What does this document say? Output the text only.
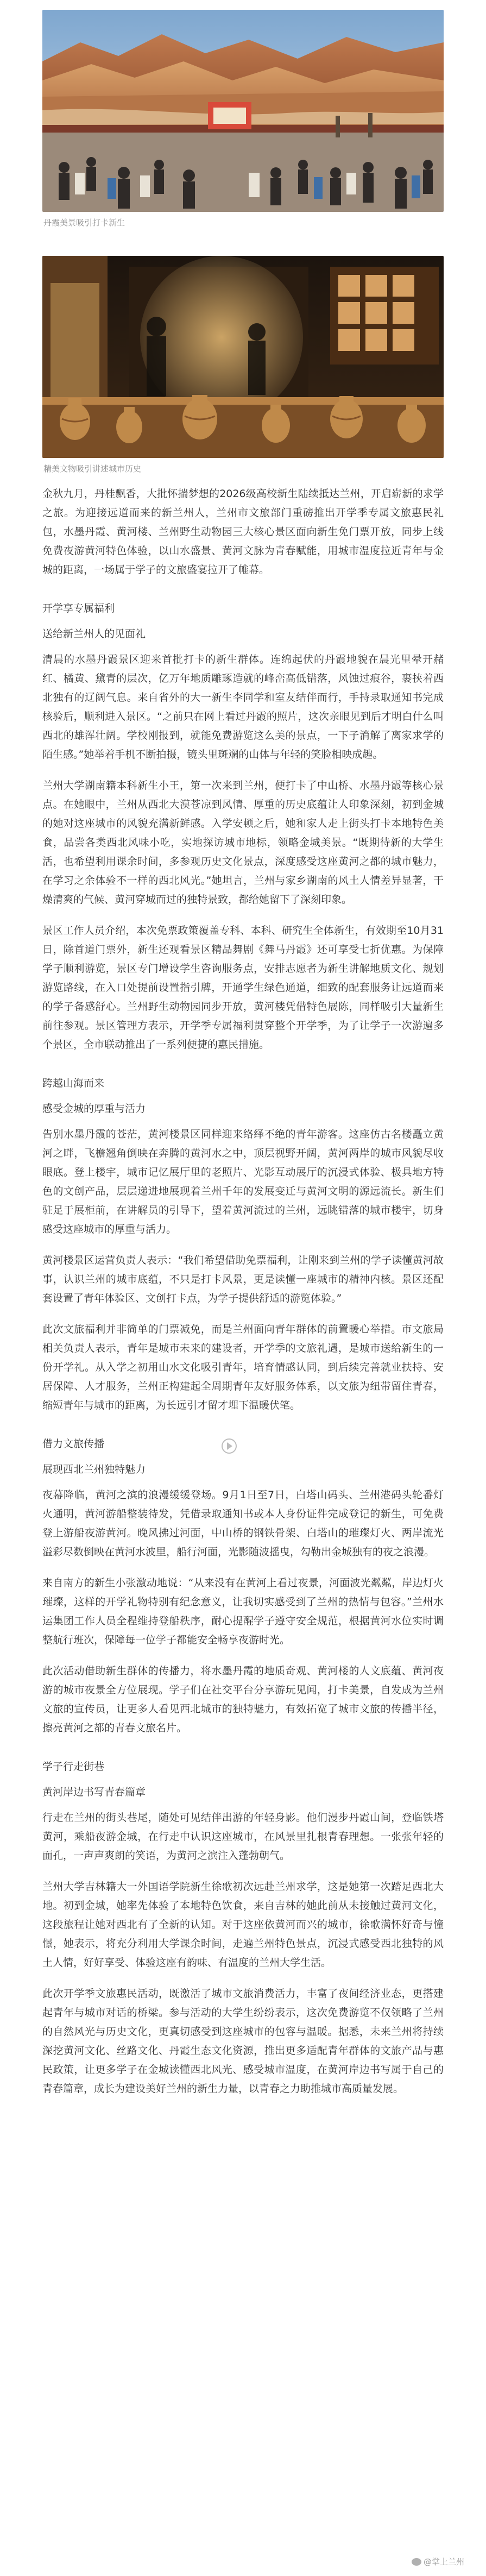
丹霞美景吸引打卡新生
精美文物吸引讲述城市历史
金秋九月，丹桂飘香，大批怀揣梦想的2026级高校新生陆续抵达兰州，开启崭新的求学之旅。为迎接远道而来的新兰州人，兰州市文旅部门重磅推出开学季专属文旅惠民礼包，水墨丹霞、黄河楼、兰州野生动物园三大核心景区面向新生免门票开放，同步上线免费夜游黄河特色体验，以山水盛景、黄河文脉为青春赋能，用城市温度拉近青年与金城的距离，一场属于学子的文旅盛宴拉开了帷幕。
开学享专属福利
送给新兰州人的见面礼
清晨的水墨丹霞景区迎来首批打卡的新生群体。连绵起伏的丹霞地貌在晨光里晕开赭红、橘黄、黛青的层次，亿万年地质雕琢造就的峰峦高低错落，风蚀过痕谷，裹挟着西北独有的辽阔气息。来自省外的大一新生李同学和室友结伴而行，手持录取通知书完成核验后，顺利进入景区。“之前只在网上看过丹霞的照片，这次亲眼见到后才明白什么叫西北的雄浑壮阔。学校刚报到，就能免费游览这么美的景点，一下子消解了离家求学的陌生感。”她举着手机不断拍摄，镜头里斑斓的山体与年轻的笑脸相映成趣。
兰州大学湖南籍本科新生小王，第一次来到兰州，便打卡了中山桥、水墨丹霞等核心景点。在她眼中，兰州从西北大漠苍凉到风情、厚重的历史底蕴让人印象深刻，初到金城的她对这座城市的风貌充满新鲜感。入学安顿之后，她和家人走上街头打卡本地特色美食，品尝各类西北风味小吃，实地探访城市地标，领略金城美景。“既期待新的大学生活，也希望利用课余时间，多参观历史文化景点，深度感受这座黄河之都的城市魅力，在学习之余体验不一样的西北风光。”她坦言，兰州与家乡湖南的风土人情差异显著，干燥清爽的气候、黄河穿城而过的独特景致，都给她留下了深刻印象。
景区工作人员介绍，本次免票政策覆盖专科、本科、研究生全体新生，有效期至10月31日，除首道门票外，新生还观看景区精品舞剧《舞马丹霞》还可享受七折优惠。为保障学子顺利游览，景区专门增设学生咨询服务点，安排志愿者为新生讲解地质文化、规划游览路线，在入口处提前设置指引牌，开通学生绿色通道，细致的配套服务让远道而来的学子备感舒心。兰州野生动物园同步开放，黄河楼凭借特色展陈，同样吸引大量新生前往参观。景区管理方表示，开学季专属福利贯穿整个开学季，为了让学子一次游遍多个景区，全市联动推出了一系列便捷的惠民措施。
跨越山海而来
感受金城的厚重与活力
告别水墨丹霞的苍茫，黄河楼景区同样迎来络绎不绝的青年游客。这座仿古名楼矗立黄河之畔，飞檐翘角倒映在奔腾的黄河水之中，顶层视野开阔，黄河两岸的城市风貌尽收眼底。登上楼宇，城市记忆展厅里的老照片、光影互动展厅的沉浸式体验、极具地方特色的文创产品，层层递进地展现着兰州千年的发展变迁与黄河文明的源远流长。新生们驻足于展柜前，在讲解员的引导下，望着黄河流过的兰州，远眺错落的城市楼宇，切身感受这座城市的厚重与活力。
黄河楼景区运营负责人表示：“我们希望借助免票福利，让刚来到兰州的学子读懂黄河故事，认识兰州的城市底蕴，不只是打卡风景，更是读懂一座城市的精神内核。景区还配套设置了青年体验区、文创打卡点，为学子提供舒适的游览体验。”
此次文旅福利并非简单的门票减免，而是兰州面向青年群体的前置暖心举措。市文旅局相关负责人表示，青年是城市未来的建设者，开学季的文旅礼遇，是城市送给新生的一份开学礼。从入学之初用山水文化吸引青年，培育情感认同，到后续完善就业扶持、安居保障、人才服务，兰州正构建起全周期青年友好服务体系，以文旅为纽带留住青春，缩短青年与城市的距离，为长远引才留才埋下温暖伏笔。
借力文旅传播
展现西北兰州独特魅力
夜幕降临，黄河之滨的浪漫缓缓登场。9月1日至7日，白塔山码头、兰州港码头轮番灯火通明，黄河游船整装待发，凭借录取通知书或本人身份证件完成登记的新生，可免费登上游船夜游黄河。晚风拂过河面，中山桥的钢铁骨架、白塔山的璀璨灯火、两岸流光溢彩尽数倒映在黄河水波里，船行河面，光影随波摇曳，勾勒出金城独有的夜之浪漫。
来自南方的新生小张激动地说：“从来没有在黄河上看过夜景，河面波光粼粼，岸边灯火璀璨，这样的开学礼物特别有纪念意义，让我切实感受到了兰州的热情与包容。”兰州水运集团工作人员全程维持登船秩序，耐心提醒学子遵守安全规范，根据黄河水位实时调整航行班次，保障每一位学子都能安全畅享夜游时光。
此次活动借助新生群体的传播力，将水墨丹霞的地质奇观、黄河楼的人文底蕴、黄河夜游的城市夜景全方位展现。学子们在社交平台分享游玩见闻，打卡美景，自发成为兰州文旅的宣传员，让更多人看见西北城市的独特魅力，有效拓宽了城市文旅的传播半径，擦亮黄河之都的青春文旅名片。
学子行走街巷
黄河岸边书写青春篇章
行走在兰州的街头巷尾，随处可见结伴出游的年轻身影。他们漫步丹霞山间，登临铁塔黄河，乘船夜游金城，在行走中认识这座城市，在风景里扎根青春理想。一张张年轻的面孔，一声声爽朗的笑语，为黄河之滨注入蓬勃朝气。
兰州大学吉林籍大一外国语学院新生徐歌初次远赴兰州求学，这是她第一次踏足西北大地。初到金城，她率先体验了本地特色饮食，来自吉林的她此前从未接触过黄河文化，这段旅程让她对西北有了全新的认知。对于这座依黄河而兴的城市，徐歌满怀好奇与憧憬，她表示，将充分利用大学课余时间，走遍兰州特色景点，沉浸式感受西北独特的风土人情，好好享受、体验这座有韵味、有温度的兰州大学生活。
此次开学季文旅惠民活动，既激活了城市文旅消费活力，丰富了夜间经济业态，更搭建起青年与城市对话的桥梁。参与活动的大学生纷纷表示，这次免费游览不仅领略了兰州的自然风光与历史文化，更真切感受到这座城市的包容与温暖。据悉，未来兰州将持续深挖黄河文化、丝路文化、丹霞生态文化资源，推出更多适配青年群体的文旅产品与惠民政策，让更多学子在金城读懂西北风光、感受城市温度，在黄河岸边书写属于自己的青春篇章，成长为建设美好兰州的新生力量，以青春之力助推城市高质量发展。
@掌上兰州
